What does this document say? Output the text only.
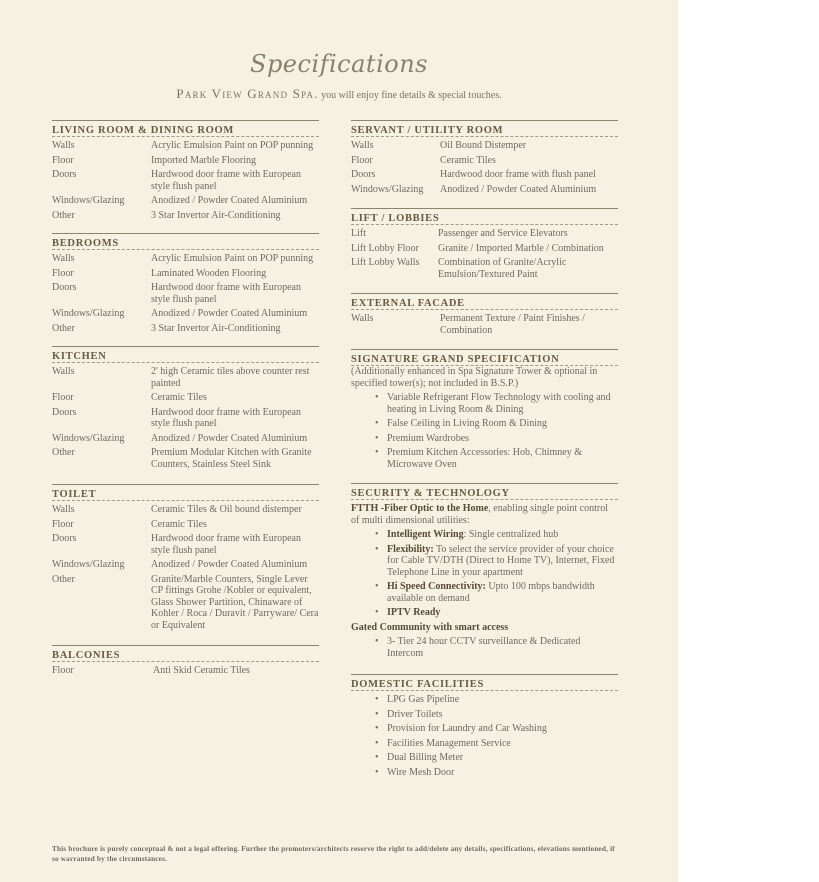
Specifications
Park View Grand Spa. you will enjoy fine details & special touches.
LIVING ROOM & DINING ROOM
Walls	Acrylic Emulsion Paint on POP punning
Floor	Imported Marble Flooring
Doors	Hardwood door frame with European style flush panel
Windows/Glazing	Anodized / Powder Coated Aluminium
Other	3 Star Invertor Air-Conditioning
BEDROOMS
Walls	Acrylic Emulsion Paint on POP punning
Floor	Laminated Wooden Flooring
Doors	Hardwood door frame with European style flush panel
Windows/Glazing	Anodized / Powder Coated Aluminium
Other	3 Star Invertor Air-Conditioning
KITCHEN
Walls	2' high Ceramic tiles above counter rest painted
Floor	Ceramic Tiles
Doors	Hardwood door frame with European style flush panel
Windows/Glazing	Anodized / Powder Coated Aluminium
Other	Premium Modular Kitchen with Granite Counters, Stainless Steel Sink
TOILET
Walls	Ceramic Tiles & Oil bound distemper
Floor	Ceramic Tiles
Doors	Hardwood door frame with European style flush panel
Windows/Glazing	Anodized / Powder Coated Aluminium
Other	Granite/Marble Counters, Single Lever CP fittings Grohe /Kobler or equivalent, Glass Shower Partition, Chinaware of Kohler / Roca / Duravit / Parryware/ Cera or Equivalent
BALCONIES
Floor	Anti Skid Ceramic Tiles
SERVANT / UTILITY ROOM
Walls	Oil Bound Distemper
Floor	Ceramic Tiles
Doors	Hardwood door frame with flush panel
Windows/Glazing	Anodized / Powder Coated Aluminium
LIFT / LOBBIES
Lift	Passenger and Service Elevators
Lift Lobby Floor	Granite / Imported Marble / Combination
Lift Lobby Walls	Combination of Granite/Acrylic Emulsion/Textured Paint
EXTERNAL FACADE
Walls	Permanent Texture / Paint Finishes / Combination
SIGNATURE GRAND SPECIFICATION
(Additionally enhanced in Spa Signature Tower & optional in specified tower(s); not included in B.S.P.)
• Variable Refrigerant Flow Technology with cooling and heating in Living Room & Dining
• False Ceiling in Living Room & Dining
• Premium Wardrobes
• Premium Kitchen Accessories: Hob, Chimney & Microwave Oven
SECURITY & TECHNOLOGY
FTTH -Fiber Optic to the Home, enabling single point control of multi dimensional utilities:
• Intelligent Wiring: Single centralized hub
• Flexibility: To select the service provider of your choice for Cable TV/DTH (Direct to Home TV), Internet, Fixed Telephone Line in your apartment
• Hi Speed Connectivity: Upto 100 mbps bandwidth available on demand
• IPTV Ready
Gated Community with smart access
• 3- Tier 24 hour CCTV surveillance & Dedicated Intercom
DOMESTIC FACILITIES
• LPG Gas Pipeline
• Driver Toilets
• Provision for Laundry and Car Washing
• Facilities Management Service
• Dual Billing Meter
• Wire Mesh Door
This brochure is purely conceptual & not a legal offering. Further the promoters/architects reserve the right to add/delete any details, specifications, elevations mentioned, if so warranted by the circumstances.
